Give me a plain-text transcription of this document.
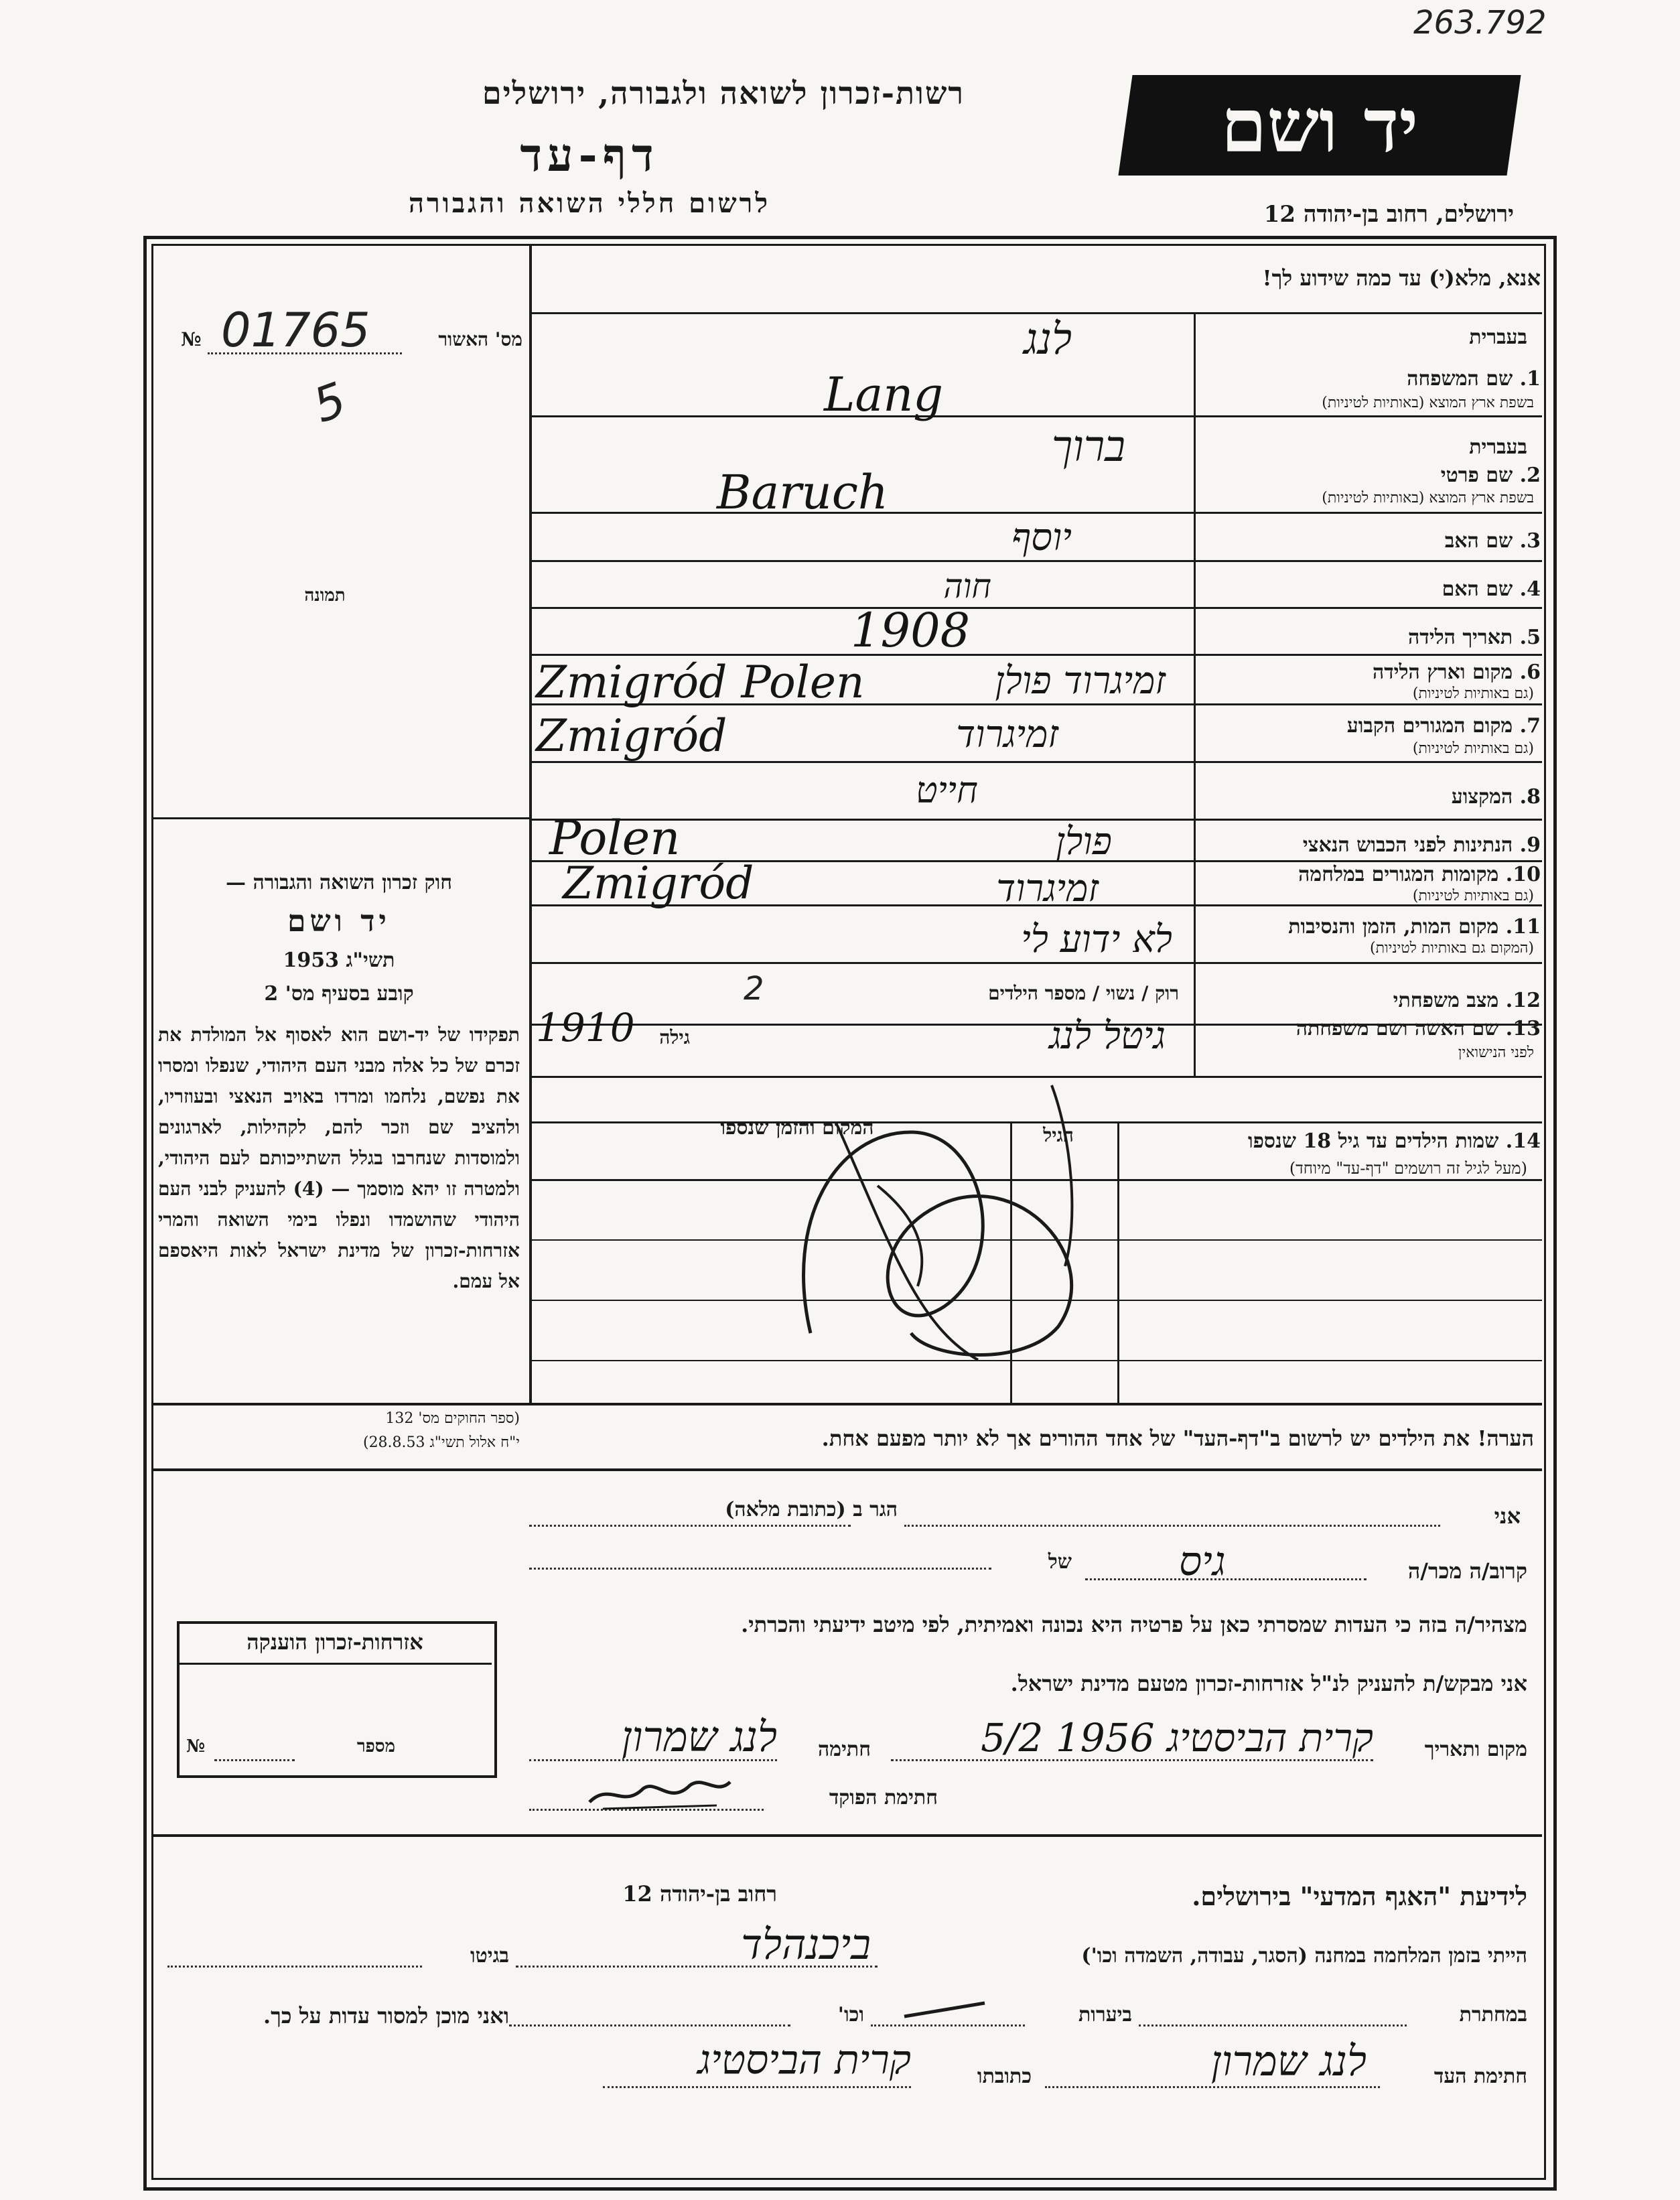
263.792
רשות-זכרון לשואה ולגבורה, ירושלים
דף-עד
לרשום חללי השואה והגבורה
יד ושם
ירושלים, רחוב בן-יהודה 12
אנא, מלא(י) עד כמה שידוע לך!
מס' האשור
№ 01765
5
תמונה
בעברית
1. שם המשפחה
בשפת ארץ המוצא (באותיות לטיניות)
לנג
Lang
בעברית
2. שם פרטי
בשפת ארץ המוצא (באותיות לטיניות)
ברוך
Baruch
3. שם האב
יוסף
4. שם האם
חוה
5. תאריך הלידה
1908
6. מקום וארץ הלידה
(גם באותיות לטיניות)
זמיגרוד פולן
Zmigród Polen
7. מקום המגורים הקבוע
(גם באותיות לטיניות)
זמיגרוד
Zmigród
8. המקצוע
חייט
9. הנתינות לפני הכבוש הנאצי
פולן
Polen
10. מקומות המגורים במלחמה
(גם באותיות לטיניות)
זמיגרוד
Zmigród
11. מקום המות, הזמן והנסיבות
(המקום גם באותיות לטיניות)
לא ידוע לי
12. מצב משפחתי
רוק / נשוי / מספר הילדים
2
13. שם האשה ושם משפחתה
לפני הנישואין
גיטל לנג
גילה
1910
14. שמות הילדים עד גיל 18 שנספו
(מעל לגיל זה רושמים "דף-עד" מיוחד)
הגיל
המקום והזמן שנספו
חוק זכרון השואה והגבורה —
יד ושם
תשי"ג 1953
קובע בסעיף מס' 2
תפקידו של יד-ושם הוא לאסוף אל המולדת את זכרם של כל אלה מבני העם היהודי, שנפלו ומסרו את נפשם, נלחמו ומרדו באויב הנאצי ובעוזריו, ולהציב שם וזכר להם, לקהילות, לארגונים ולמוסדות שנחרבו בגלל השתייכותם לעם היהודי, ולמטרה זו יהא מוסמך — (4) להעניק לבני העם היהודי שהושמדו ונפלו בימי השואה והמרי אזרחות-זכרון של מדינת ישראל לאות היאספם אל עמם.
(ספר החוקים מס' 132
י"ח אלול תשי"ג 28.8.53)	הערה! את הילדים יש לרשום ב"דף-העד" של אחד ההורים אך לא יותר מפעם אחת.
אני
הגר ב (כתובת מלאה)
קרוב/ה מכר/ה
גיס
של
מצהיר/ה בזה כי העדות שמסרתי כאן על פרטיה היא נכונה ואמיתית, לפי מיטב ידיעתי והכרתי.
אני מבקש/ת להעניק לנ"ל אזרחות-זכרון מטעם מדינת ישראל.
מקום ותאריך
קרית הביסטיג 1956 5/2
חתימה
לנג שמרון
חתימת הפוקד
אזרחות-זכרון הוענקה
מספר
№
לידיעת "האגף המדעי" בירושלים.
רחוב בן-יהודה 12
הייתי בזמן המלחמה במחנה (הסגר, עבודה, השמדה וכו')
ביכנהלד
בגיטו
במחתרת
ביערות
וכו'
ואני מוכן למסור עדות על כך.
חתימת העד
לנג שמרון
כתובתו
קרית הביסטיג
